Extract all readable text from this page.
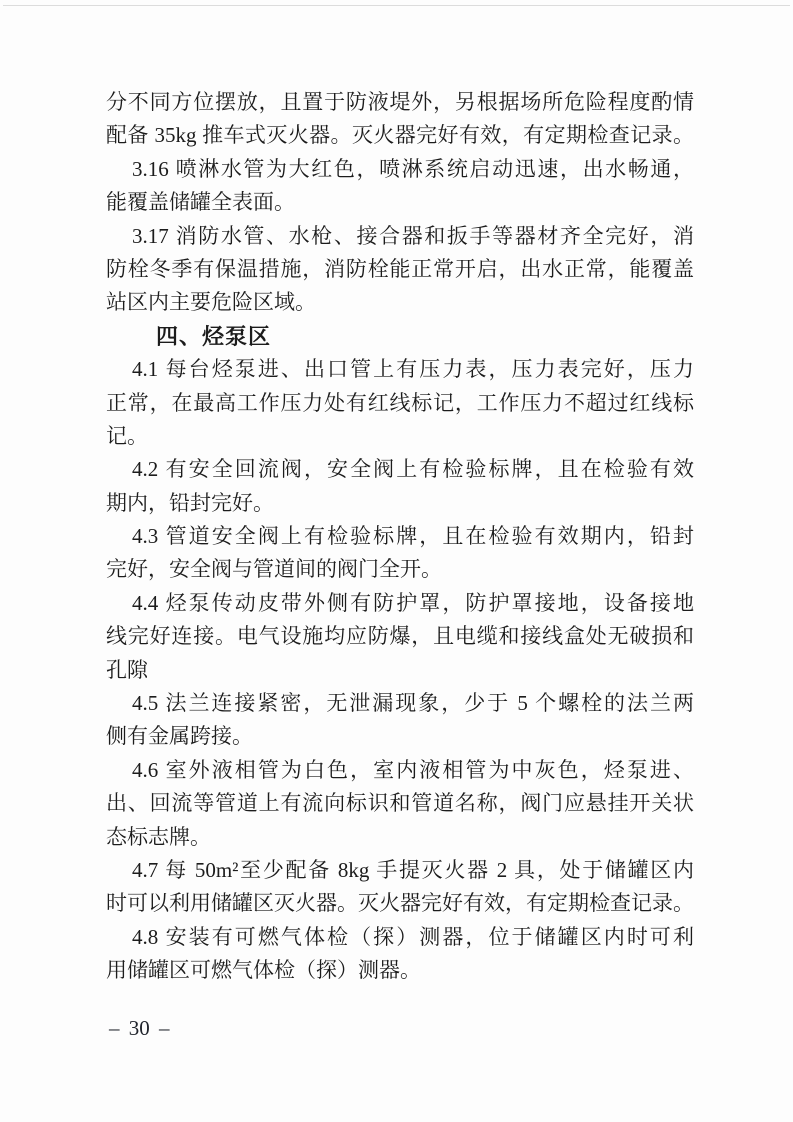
分不同方位摆放，且置于防液堤外，另根据场所危险程度酌情
配备 35kg 推车式灭火器。灭火器完好有效，有定期检查记录。
3.16 喷淋水管为大红色，喷淋系统启动迅速，出水畅通，
能覆盖储罐全表面。
3.17 消防水管、水枪、接合器和扳手等器材齐全完好，消
防栓冬季有保温措施，消防栓能正常开启，出水正常，能覆盖
站区内主要危险区域。
四、烃泵区
4.1 每台烃泵进、出口管上有压力表，压力表完好，压力
正常，在最高工作压力处有红线标记，工作压力不超过红线标
记。
4.2 有安全回流阀，安全阀上有检验标牌，且在检验有效
期内，铅封完好。
4.3 管道安全阀上有检验标牌，且在检验有效期内，铅封
完好，安全阀与管道间的阀门全开。
4.4 烃泵传动皮带外侧有防护罩，防护罩接地，设备接地
线完好连接。电气设施均应防爆，且电缆和接线盒处无破损和
孔隙
4.5 法兰连接紧密，无泄漏现象，少于 5 个螺栓的法兰两
侧有金属跨接。
4.6 室外液相管为白色，室内液相管为中灰色，烃泵进、
出、回流等管道上有流向标识和管道名称，阀门应悬挂开关状
态标志牌。
4.7 每 50m²至少配备 8kg 手提灭火器 2 具，处于储罐区内
时可以利用储罐区灭火器。灭火器完好有效，有定期检查记录。
4.8 安装有可燃气体检（探）测器，位于储罐区内时可利
用储罐区可燃气体检（探）测器。
– 30 –
